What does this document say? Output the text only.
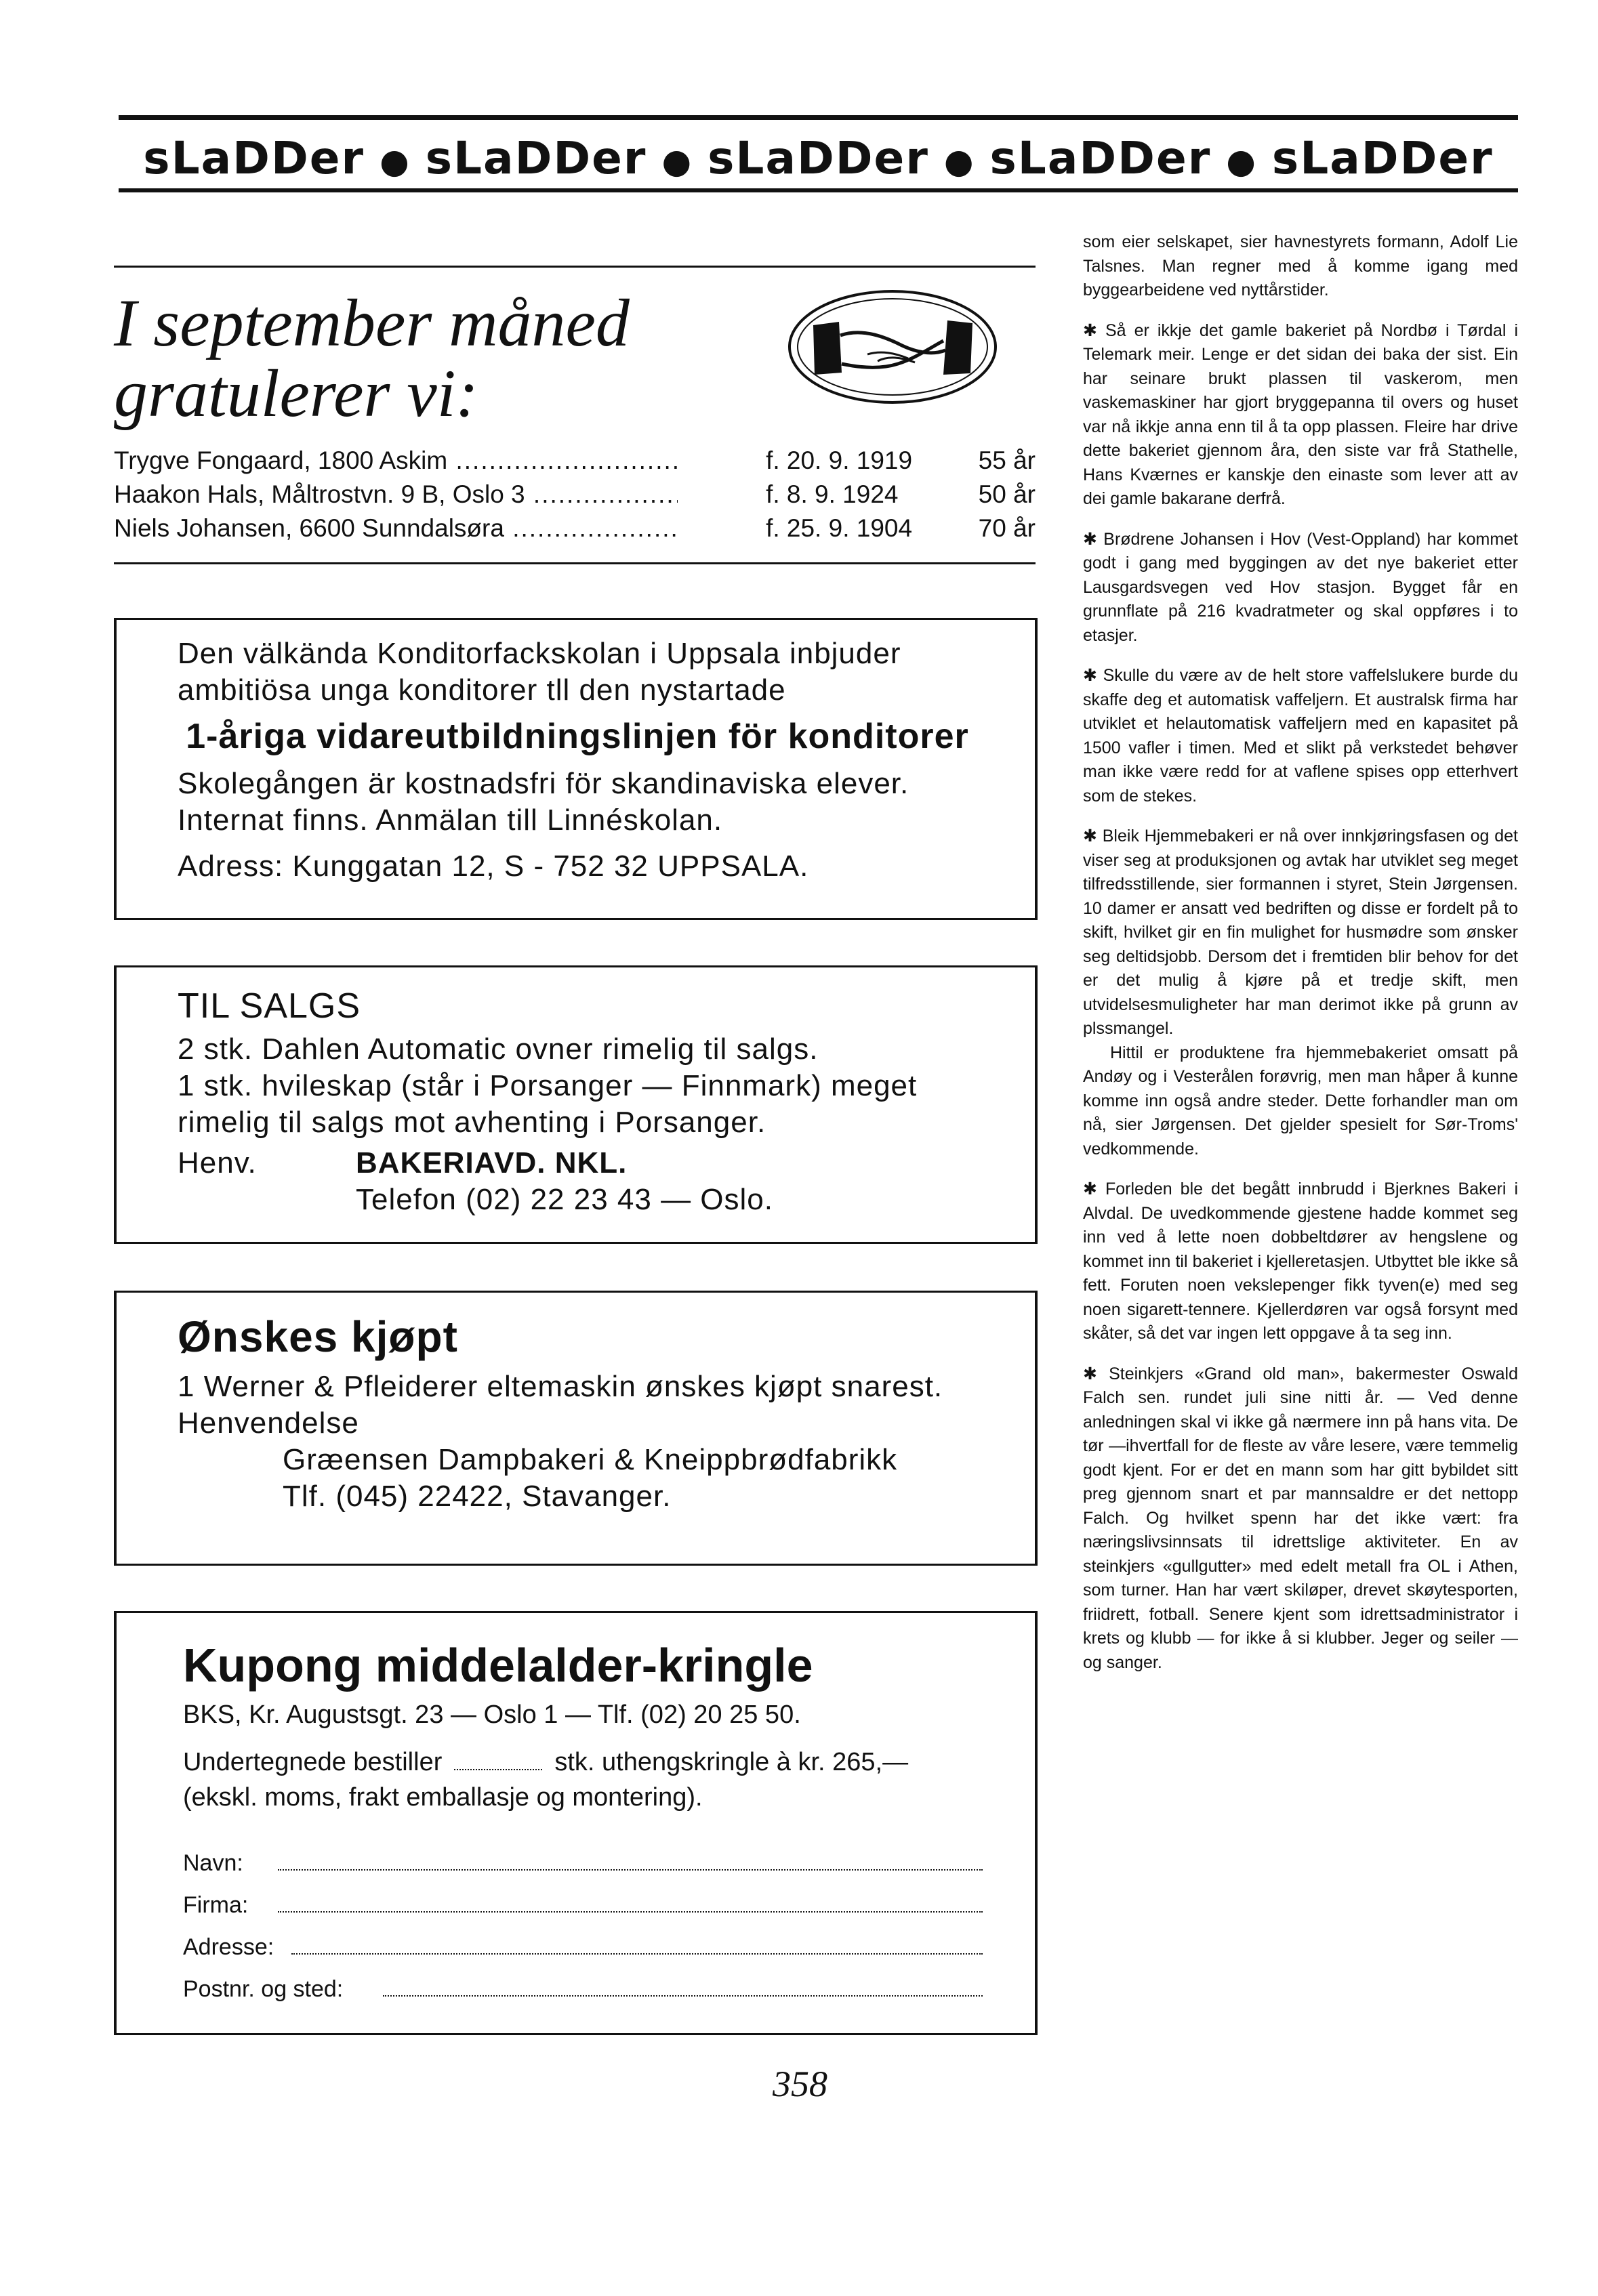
sLaDDer ● sLaDDer ● sLaDDer ● sLaDDer ● sLaDDer
I september måned
gratulerer vi:
Trygve Fongaard, 1800 Askim .....	f. 20. 9. 1919	55 år
Haakon Hals, Måltrostvn. 9 B, Oslo 3 .....	f. 8. 9. 1924	50 år
Niels Johansen, 6600 Sunndalsøra .....	f. 25. 9. 1904	70 år
Den välkända Konditorfackskolan i Uppsala inbjuder
ambitiösa unga konditorer tll den nystartade
1-åriga vidareutbildningslinjen för konditorer
Skolegången är kostnadsfri för skandinaviska elever.
Internat finns. Anmälan till Linnéskolan.
Adress: Kunggatan 12, S - 752 32 UPPSALA.
TIL SALGS
2 stk. Dahlen Automatic ovner rimelig til salgs.
1 stk. hvileskap (står i Porsanger — Finnmark) meget
rimelig til salgs mot avhenting i Porsanger.
Henv.	BAKERIAVD. NKL.
Telefon (02) 22 23 43 — Oslo.
Ønskes kjøpt
1 Werner & Pfleiderer eltemaskin ønskes kjøpt snarest.
Henvendelse
Græensen Dampbakeri & Kneippbrødfabrikk
Tlf. (045) 22422, Stavanger.
Kupong middelalder-kringle
BKS, Kr. Augustsgt. 23 — Oslo 1 — Tlf. (02) 20 25 50.
Undertegnede bestiller	stk. uthengskringle à kr. 265,—
(ekskl. moms, frakt emballasje og montering).
Navn:
Firma:
Adresse:
Postnr. og sted:

som eier selskapet, sier havnestyrets formann, Adolf Lie Talsnes. Man regner med å komme igang med byggearbeidene ved nyttårstider.

✱ Så er ikkje det gamle bakeriet på Nordbø i Tørdal i Telemark meir. Lenge er det sidan dei baka der sist. Ein har seinare brukt plassen til vaskerom, men vaskemaskiner har gjort bryggepanna til overs og huset var nå ikkje anna enn til å ta opp plassen. Fleire har drive dette bakeriet gjennom åra, den siste var frå Stathelle, Hans Kværnes er kanskje den einaste som lever att av dei gamle bakarane derfrå.

✱ Brødrene Johansen i Hov (Vest-Oppland) har kommet godt i gang med byggingen av det nye bakeriet etter Lausgardsvegen ved Hov stasjon. Bygget får en grunnflate på 216 kvadratmeter og skal oppføres i to etasjer.

✱ Skulle du være av de helt store vaffelslukere burde du skaffe deg et automatisk vaffeljern. Et australsk firma har utviklet et helautomatisk vaffeljern med en kapasitet på 1500 vafler i timen. Med et slikt på verkstedet behøver man ikke være redd for at vaflene spises opp etterhvert som de stekes.

✱ Bleik Hjemmebakeri er nå over innkjøringsfasen og det viser seg at produksjonen og avtak har utviklet seg meget tilfredsstillende, sier formannen i styret, Stein Jørgensen. 10 damer er ansatt ved bedriften og disse er fordelt på to skift, hvilket gir en fin mulighet for husmødre som ønsker seg deltidsjobb. Dersom det i fremtiden blir behov for det er det mulig å kjøre på et tredje skift, men utvidelsesmuligheter har man derimot ikke på grunn av plssmangel.

Hittil er produktene fra hjemmebakeriet omsatt på Andøy og i Vesterålen forøvrig, men man håper å kunne komme inn også andre steder. Dette forhandler man om nå, sier Jørgensen. Det gjelder spesielt for Sør-Troms' vedkommende.

✱ Forleden ble det begått innbrudd i Bjerknes Bakeri i Alvdal. De uvedkommende gjestene hadde kommet seg inn ved å lette noen dobbeltdører av hengslene og kommet inn til bakeriet i kjelleretasjen. Utbyttet ble ikke så fett. Foruten noen vekslepenger fikk tyven(e) med seg noen sigarett-tennere. Kjellerdøren var også forsynt med skåter, så det var ingen lett oppgave å ta seg inn.

✱ Steinkjers «Grand old man», bakermester Oswald Falch sen. rundet juli sine nitti år. — Ved denne anledningen skal vi ikke gå nærmere inn på hans vita. De tør —ihvertfall for de fleste av våre lesere, være temmelig godt kjent. For er det en mann som har gitt bybildet sitt preg gjennom snart et par mannsaldre er det nettopp Falch. Og hvilket spenn har det ikke vært: fra næringslivsinnsats til idrettslige aktiviteter. En av steinkjers «gullgutter» med edelt metall fra OL i Athen, som turner. Han har vært skiløper, drevet skøytesporten, friidrett, fotball. Senere kjent som idrettsadministrator i krets og klubb — for ikke å si klubber. Jeger og seiler — og sanger.

358
